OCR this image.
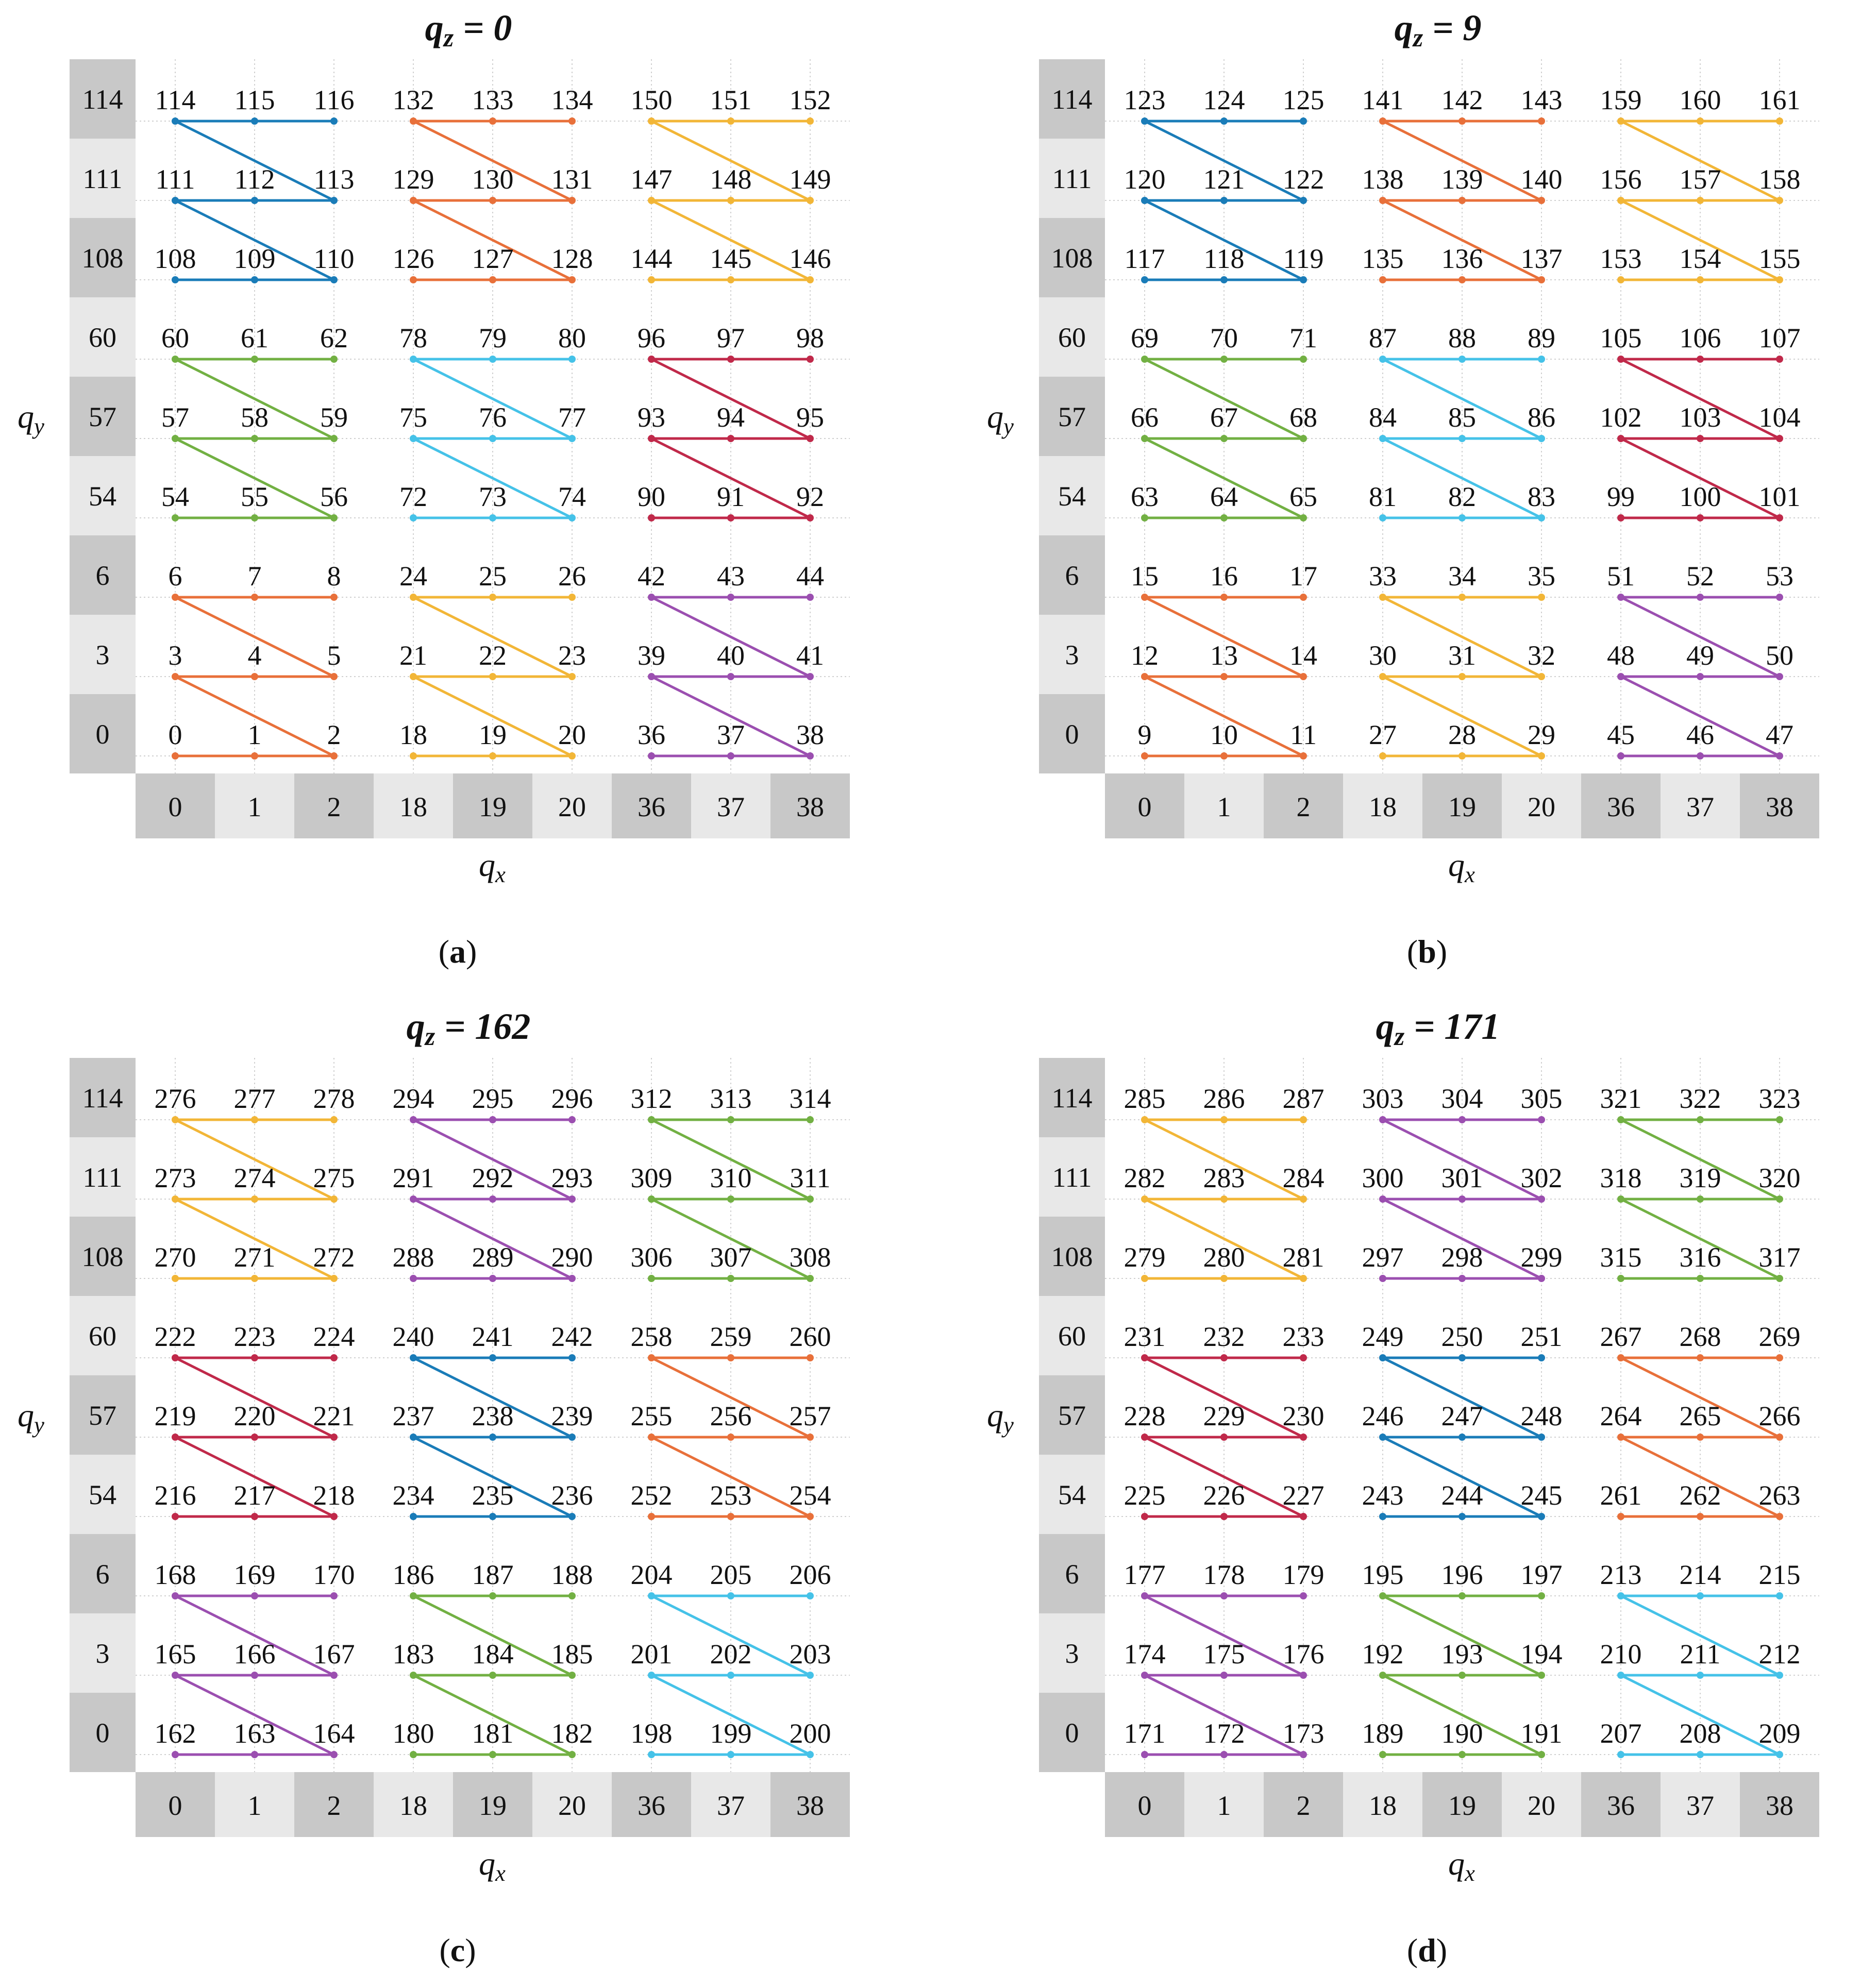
114
111
108
60
57
54
6
3
0
0 1 2 18 19 20 36 37 38
114 115 116 132 133 134 150 151 152
111 112 113 129 130 131 147 148 149
108 109 110 126 127 128 144 145 146
60 61 62 78 79 80 96 97 98
57 58 59 75 76 77 93 94 95
54 55 56 72 73 74 90 91 92
6 7 8 24 25 26 42 43 44
3 4 5 21 22 23 39 40 41
0 1 2 18 19 20 36 37 38
qz = 0
qy
qx
(a)
114
111
108
60
57
54
6
3
0
0 1 2 18 19 20 36 37 38
123 124 125 141 142 143 159 160 161
120 121 122 138 139 140 156 157 158
117 118 119 135 136 137 153 154 155
69 70 71 87 88 89 105 106 107
66 67 68 84 85 86 102 103 104
63 64 65 81 82 83 99 100 101
15 16 17 33 34 35 51 52 53
12 13 14 30 31 32 48 49 50
9 10 11 27 28 29 45 46 47
qz = 9
qy
qx
(b)
114
111
108
60
57
54
6
3
0
0 1 2 18 19 20 36 37 38
276 277 278 294 295 296 312 313 314
273 274 275 291 292 293 309 310 311
270 271 272 288 289 290 306 307 308
222 223 224 240 241 242 258 259 260
219 220 221 237 238 239 255 256 257
216 217 218 234 235 236 252 253 254
168 169 170 186 187 188 204 205 206
165 166 167 183 184 185 201 202 203
162 163 164 180 181 182 198 199 200
qz = 162
qy
qx
(c)
114
111
108
60
57
54
6
3
0
0 1 2 18 19 20 36 37 38
285 286 287 303 304 305 321 322 323
282 283 284 300 301 302 318 319 320
279 280 281 297 298 299 315 316 317
231 232 233 249 250 251 267 268 269
228 229 230 246 247 248 264 265 266
225 226 227 243 244 245 261 262 263
177 178 179 195 196 197 213 214 215
174 175 176 192 193 194 210 211 212
171 172 173 189 190 191 207 208 209
qz = 171
qy
qx
(d)
